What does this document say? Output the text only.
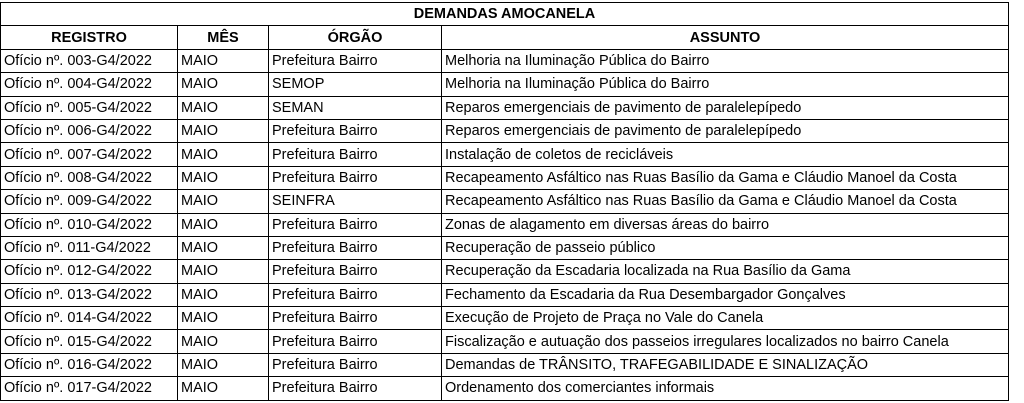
DEMANDAS AMOCANELA			
REGISTRO	MÊS	ÓRGÃO	ASSUNTO
Ofício nº. 003-G4/2022	MAIO	Prefeitura Bairro	Melhoria na Iluminação Pública do Bairro
Ofício nº. 004-G4/2022	MAIO	SEMOP	Melhoria na Iluminação Pública do Bairro
Ofício nº. 005-G4/2022	MAIO	SEMAN	Reparos emergenciais de pavimento de paralelepípedo
Ofício nº. 006-G4/2022	MAIO	Prefeitura Bairro	Reparos emergenciais de pavimento de paralelepípedo
Ofício nº. 007-G4/2022	MAIO	Prefeitura Bairro	Instalação de coletos de recicláveis
Ofício nº. 008-G4/2022	MAIO	Prefeitura Bairro	Recapeamento Asfáltico nas Ruas Basílio da Gama e Cláudio Manoel da Costa
Ofício nº. 009-G4/2022	MAIO	SEINFRA	Recapeamento Asfáltico nas Ruas Basílio da Gama e Cláudio Manoel da Costa
Ofício nº. 010-G4/2022	MAIO	Prefeitura Bairro	Zonas de alagamento em diversas áreas do bairro
Ofício nº. 011-G4/2022	MAIO	Prefeitura Bairro	Recuperação de passeio público
Ofício nº. 012-G4/2022	MAIO	Prefeitura Bairro	Recuperação da Escadaria localizada na Rua Basílio da Gama
Ofício nº. 013-G4/2022	MAIO	Prefeitura Bairro	Fechamento da Escadaria da Rua Desembargador Gonçalves
Ofício nº. 014-G4/2022	MAIO	Prefeitura Bairro	Execução de Projeto de Praça no Vale do Canela
Ofício nº. 015-G4/2022	MAIO	Prefeitura Bairro	Fiscalização e autuação dos passeios irregulares localizados no bairro Canela
Ofício nº. 016-G4/2022	MAIO	Prefeitura Bairro	Demandas de TRÂNSITO, TRAFEGABILIDADE E SINALIZAÇÃO
Ofício nº. 017-G4/2022	MAIO	Prefeitura Bairro	Ordenamento dos comerciantes informais
